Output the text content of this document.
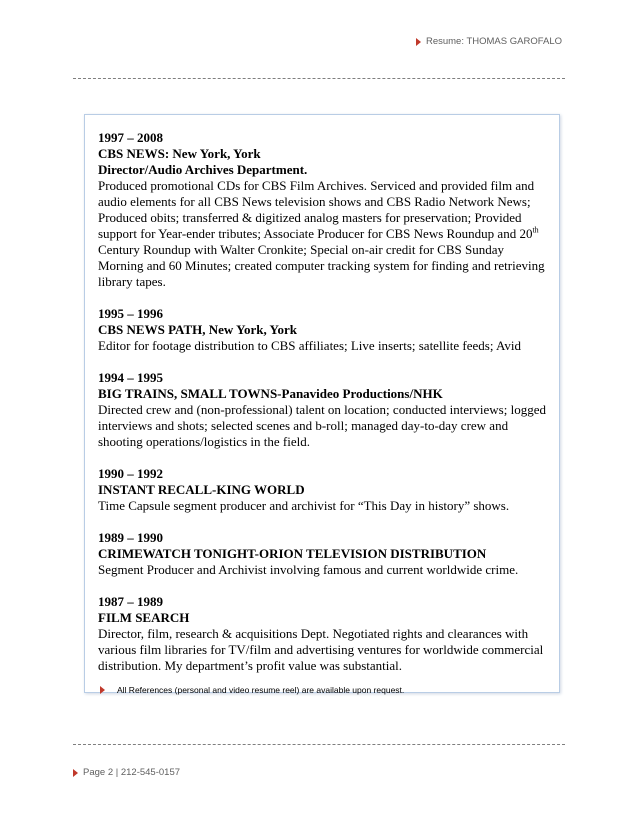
Resume: THOMAS GAROFALO
1997 – 2008
CBS NEWS: New York, York
Director/Audio Archives Department.

Produced promotional CDs for CBS Film Archives. Serviced and provided film and audio elements for all CBS News television shows and CBS Radio Network News; Produced obits; transferred & digitized analog masters for preservation; Provided support for Year-ender tributes; Associate Producer for CBS News Roundup and 20th Century Roundup with Walter Cronkite; Special on-air credit for CBS Sunday Morning and 60 Minutes; created computer tracking system for finding and retrieving library tapes.

1995 – 1996
CBS NEWS PATH, New York, York

Editor for footage distribution to CBS affiliates; Live inserts; satellite feeds; Avid

1994 – 1995
BIG TRAINS, SMALL TOWNS-Panavideo Productions/NHK

Directed crew and (non-professional) talent on location; conducted interviews; logged interviews and shots; selected scenes and b-roll; managed day-to-day crew and shooting operations/logistics in the field.

1990 – 1992
INSTANT RECALL-KING WORLD

Time Capsule segment producer and archivist for “This Day in history” shows.

1989 – 1990
CRIMEWATCH TONIGHT-ORION TELEVISION DISTRIBUTION

Segment Producer and Archivist involving famous and current worldwide crime.

1987 – 1989
FILM SEARCH

Director, film, research & acquisitions Dept. Negotiated rights and clearances with various film libraries for TV/film and advertising ventures for worldwide commercial distribution. My department’s profit value was substantial.

All References (personal and video resume reel) are available upon request.
Page 2 | 212-545-0157
